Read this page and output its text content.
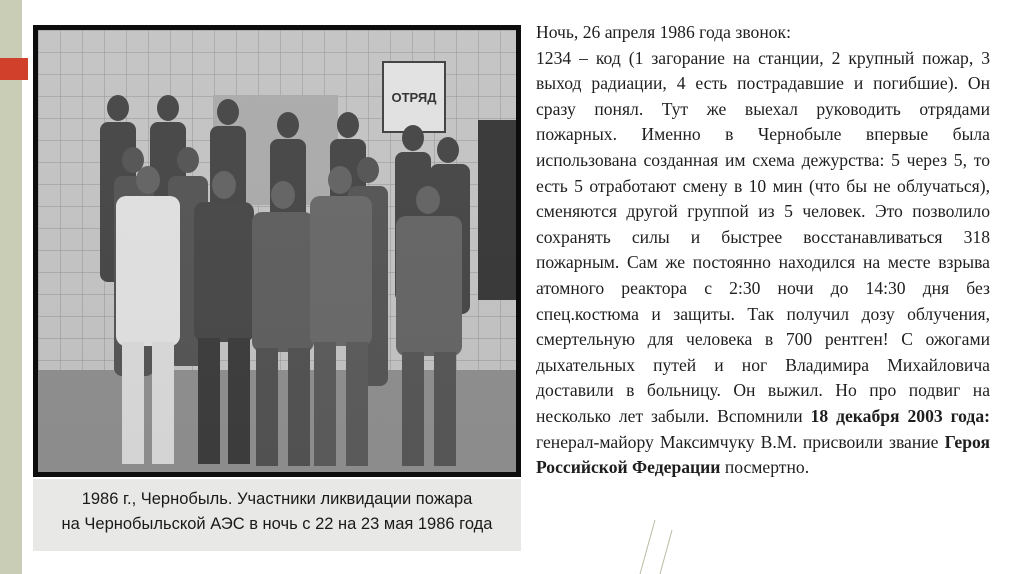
ОТРЯД
1986 г., Чернобыль. Участники ликвидации пожара
на Чернобыльской АЭС в ночь с 22 на 23 мая 1986 года

Ночь, 26 апреля 1986 года звонок:

1234 – код (1 загорание на станции, 2 крупный пожар, 3 выход радиации, 4 есть пострадавшие и погибшие). Он сразу понял. Тут же выехал руководить отрядами пожарных. Именно в Чернобыле впервые была использована созданная им схема дежурства: 5 через 5, то есть 5 отработают смену в 10 мин (что бы не облучаться), сменяются другой группой из 5 человек. Это позволило сохранять силы и быстрее восстанавливаться 318 пожарным. Сам же постоянно находился на месте взрыва атомного реактора с 2:30 ночи до 14:30 дня без спец.костюма и защиты. Так получил дозу облучения, смертельную для человека в 700 рентген! С ожогами дыхательных путей и ног Владимира Михайловича доставили в больницу. Он выжил. Но про подвиг на несколько лет забыли. Вспомнили 18 декабря 2003 года: генерал-майору Максимчуку В.М. присвоили звание Героя Российской Федерации посмертно.
